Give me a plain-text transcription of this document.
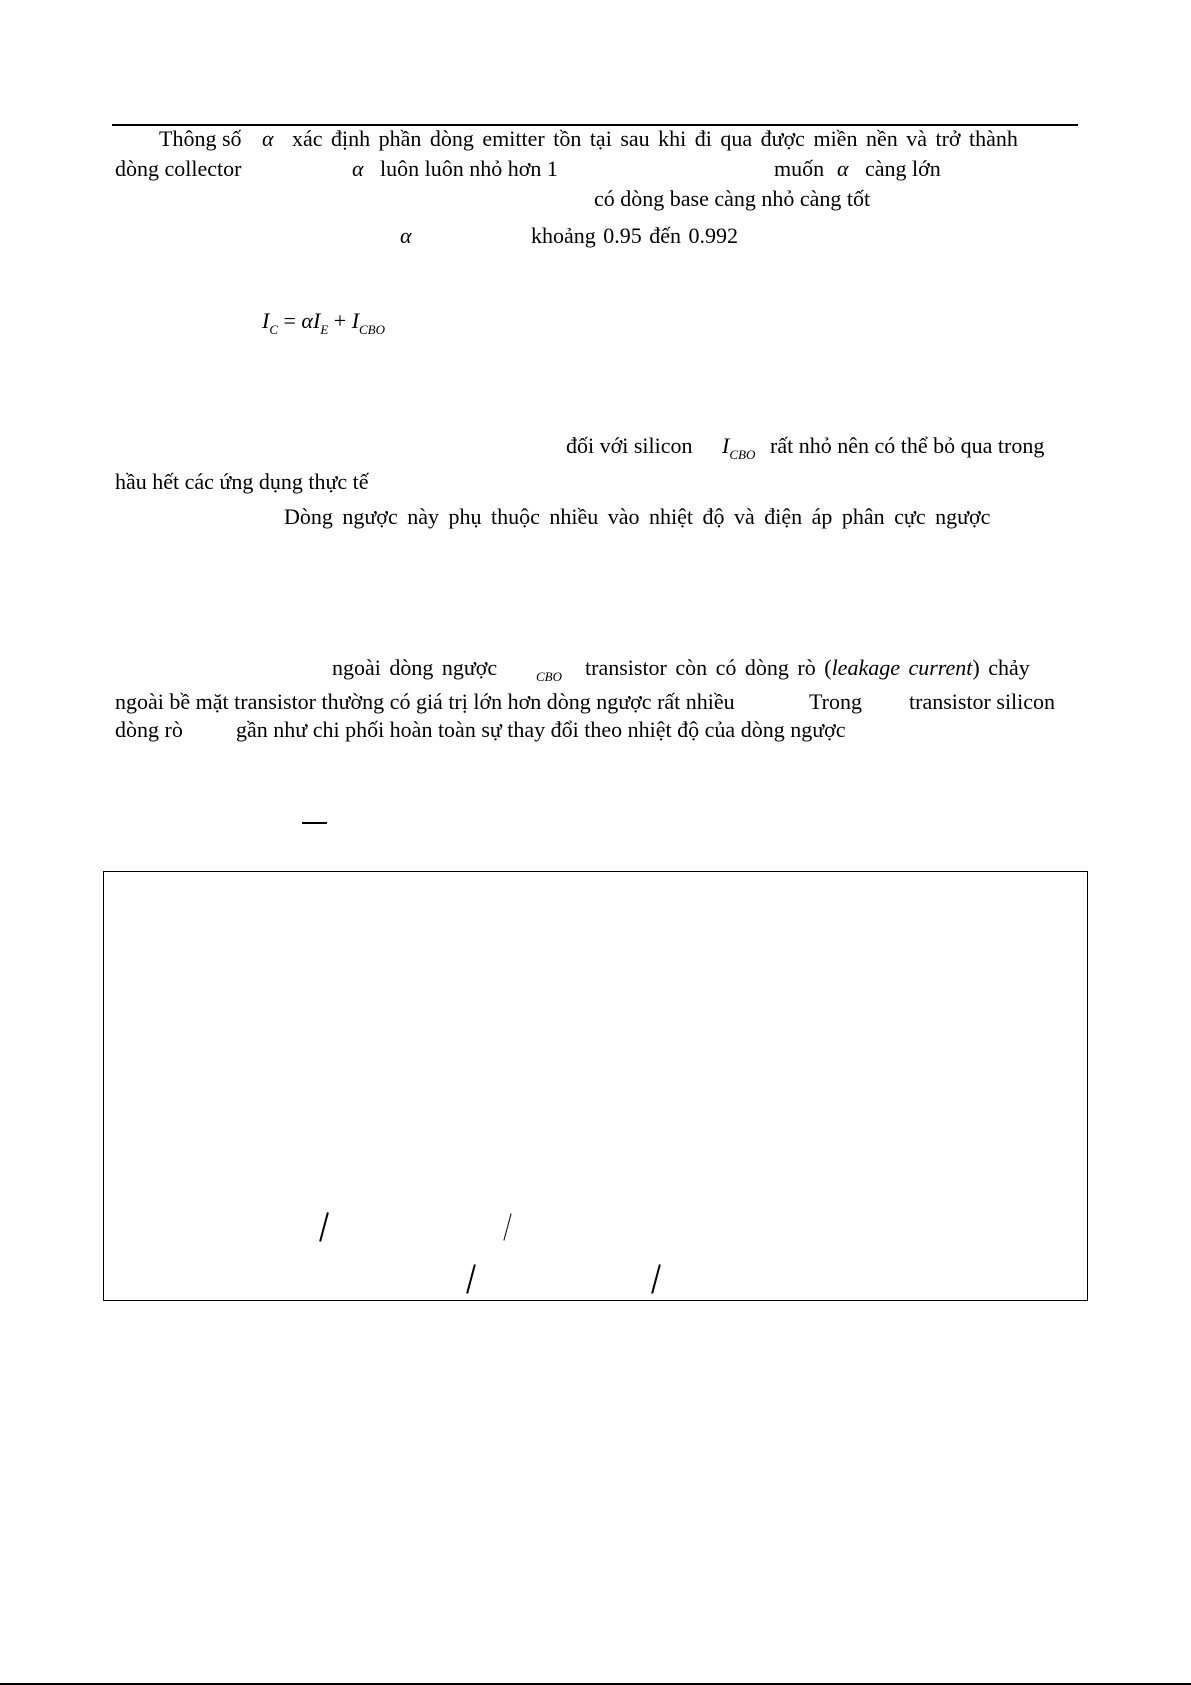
Thông số α xác định phần dòng emitter tồn tại sau khi đi qua được miền nền và trở thành
dòng collector	α luôn luôn nhỏ hơn 1	muốn α càng lớn
có dòng base càng nhỏ càng tốt
α	khoảng 0.95 đến 0.992
$I_C = \alpha I_E + I_{CBO}$
đối với silicon $I_{CBO}$ rất nhỏ nên có thể bỏ qua trong
hầu hết các ứng dụng thực tế
Dòng ngược này phụ thuộc nhiều vào nhiệt độ và điện áp phân cực ngược
ngoài dòng ngược	CBO transistor còn có dòng rò (leakage current) chảy
ngoài bề mặt transistor thường có giá trị lớn hơn dòng ngược rất nhiều	Trong transistor silicon
dòng rò gần như chi phối hoàn toàn sự thay đổi theo nhiệt độ của dòng ngược
